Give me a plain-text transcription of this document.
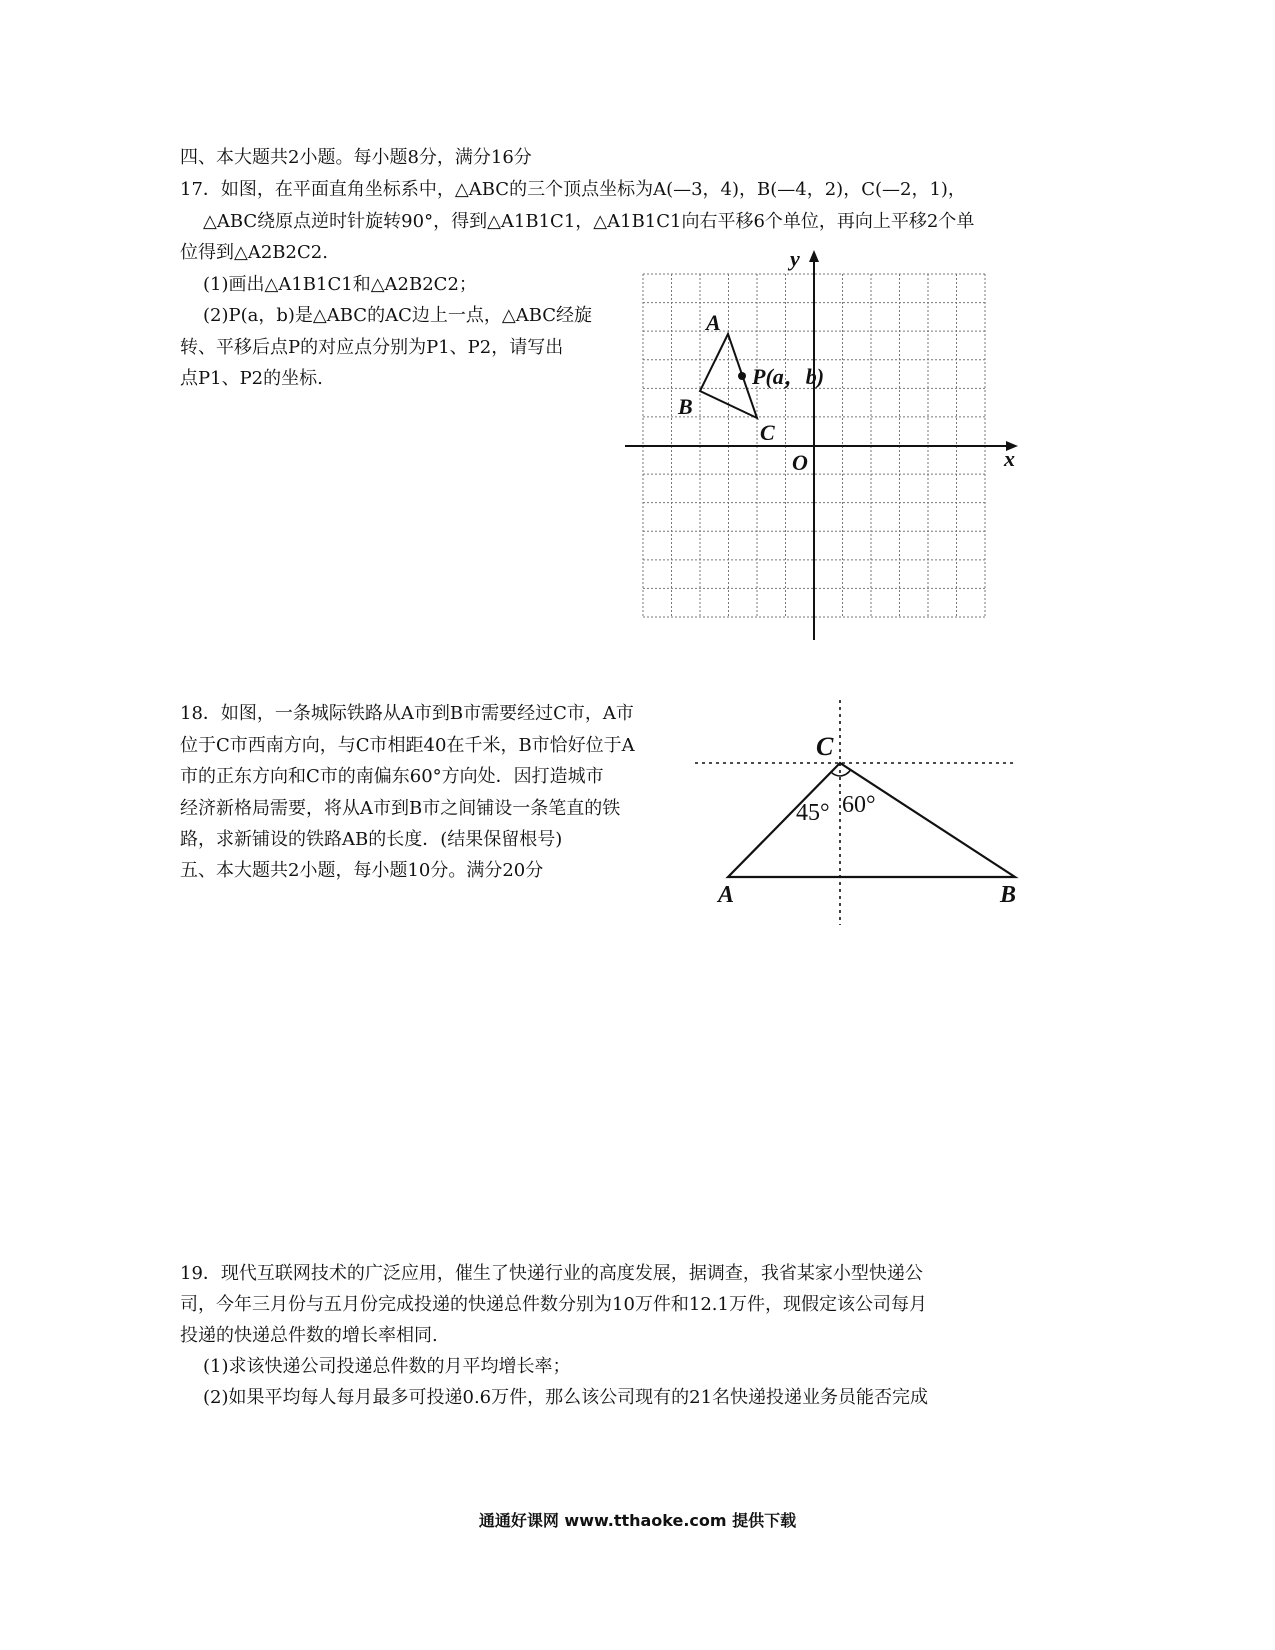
四、本大题共2小题。每小题8分，满分16分
17．如图，在平面直角坐标系中，△ABC的三个顶点坐标为A(—3，4)，B(—4，2)，C(—2，1)，
△ABC绕原点逆时针旋转90°，得到△A1B1C1，△A1B1C1向右平移6个单位，再向上平移2个单
位得到△A2B2C2.
(1)画出△A1B1C1和△A2B2C2；
(2)P(a，b)是△ABC的AC边上一点，△ABC经旋
转、平移后点P的对应点分别为P1、P2，请写出
点P1、P2的坐标.
y
x
O
A
B
C
P(a，b)
18．如图，一条城际铁路从A市到B市需要经过C市，A市
位于C市西南方向，与C市相距40在千米，B市恰好位于A
市的正东方向和C市的南偏东60°方向处．因打造城市
经济新格局需要，将从A市到B市之间铺设一条笔直的铁
路，求新铺设的铁路AB的长度．(结果保留根号)
五、本大题共2小题，每小题10分。满分20分
C
A	B
45° 60°
19．现代互联网技术的广泛应用，催生了快递行业的高度发展，据调查，我省某家小型快递公
司，今年三月份与五月份完成投递的快递总件数分别为10万件和12.1万件，现假定该公司每月
投递的快递总件数的增长率相同.
(1)求该快递公司投递总件数的月平均增长率；
(2)如果平均每人每月最多可投递0.6万件，那么该公司现有的21名快递投递业务员能否完成
通通好课网 www.tthaoke.com 提供下载
